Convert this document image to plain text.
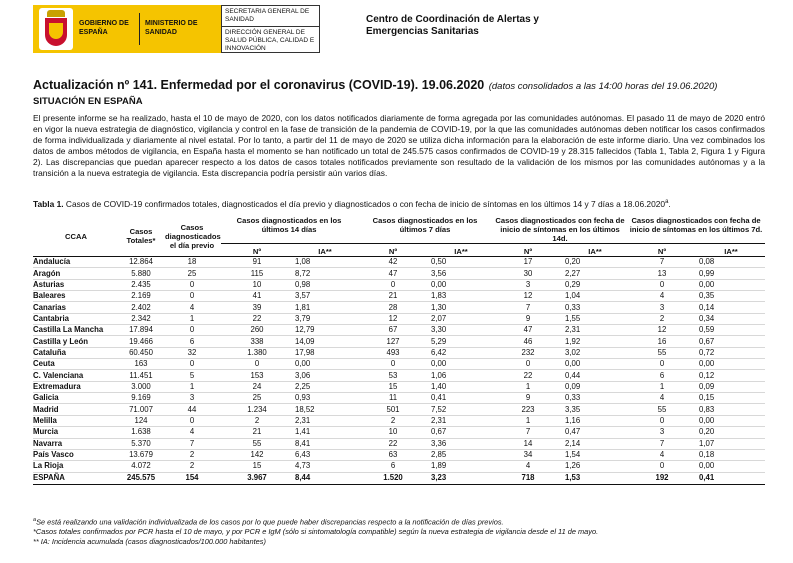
GOBIERNO DE ESPAÑA
MINISTERIO DE SANIDAD
SECRETARIA GENERAL DE SANIDAD
DIRECCIÓN GENERAL DE SALUD PÚBLICA, CALIDAD E INNOVACIÓN
Centro de Coordinación de Alertas y Emergencias Sanitarias
Actualización nº 141. Enfermedad por el coronavirus (COVID-19). 19.06.2020 (datos consolidados a las 14:00 horas del 19.06.2020)
SITUACIÓN EN ESPAÑA
El presente informe se ha realizado, hasta el 10 de mayo de 2020, con los datos notificados diariamente de forma agregada por las comunidades autónomas. El pasado 11 de mayo de 2020 entró en vigor la nueva estrategia de diagnóstico, vigilancia y control en la fase de transición de la pandemia de COVID-19, por la que las comunidades autónomas deben notificar los casos confirmados de forma individualizada y diariamente al nivel estatal. Por lo tanto, a partir del 11 de mayo de 2020 se utiliza dicha información para la elaboración de este informe diario. Una vez combinados los datos de ambos métodos de vigilancia, en España hasta el momento se han notificado un total de 245.575 casos confirmados de COVID-19 y 28.315 fallecidos (Tabla 1, Tabla 2, Figura 1 y Figura 2). Las discrepancias que puedan aparecer respecto a los datos de casos totales notificados previamente son resultado de la validación de los mismos por las comunidades autónomas y a la transición a la nueva estrategia de vigilancia. Esta discrepancia podría persistir aún varios días.
Tabla 1. Casos de COVID-19 confirmados totales, diagnosticados el día previo y diagnosticados o con fecha de inicio de síntomas en los últimos 14 y 7 días a 18.06.2020$^a$.
CCAA	Casos Totales*	Casos diagnosticados el día previo	Casos diagnosticados en los últimos 14 días		Casos diagnosticados en los últimos 7 días		Casos diagnosticados con fecha de inicio de síntomas en los últimos 14d.		Casos diagnosticados con fecha de inicio de síntomas en los últimos 7d.	
			Nº	IA**	Nº	IA**	Nº	IA**	Nº	IA**
Andalucía	12.864	18	91	1,08	42	0,50	17	0,20	7	0,08
Aragón	5.880	25	115	8,72	47	3,56	30	2,27	13	0,99
Asturias	2.435	0	10	0,98	0	0,00	3	0,29	0	0,00
Baleares	2.169	0	41	3,57	21	1,83	12	1,04	4	0,35
Canarias	2.402	4	39	1,81	28	1,30	7	0,33	3	0,14
Cantabria	2.342	1	22	3,79	12	2,07	9	1,55	2	0,34
Castilla La Mancha	17.894	0	260	12,79	67	3,30	47	2,31	12	0,59
Castilla y León	19.466	6	338	14,09	127	5,29	46	1,92	16	0,67
Cataluña	60.450	32	1.380	17,98	493	6,42	232	3,02	55	0,72
Ceuta	163	0	0	0,00	0	0,00	0	0,00	0	0,00
C. Valenciana	11.451	5	153	3,06	53	1,06	22	0,44	6	0,12
Extremadura	3.000	1	24	2,25	15	1,40	1	0,09	1	0,09
Galicia	9.169	3	25	0,93	11	0,41	9	0,33	4	0,15
Madrid	71.007	44	1.234	18,52	501	7,52	223	3,35	55	0,83
Melilla	124	0	2	2,31	2	2,31	1	1,16	0	0,00
Murcia	1.638	4	21	1,41	10	0,67	7	0,47	3	0,20
Navarra	5.370	7	55	8,41	22	3,36	14	2,14	7	1,07
País Vasco	13.679	2	142	6,43	63	2,85	34	1,54	4	0,18
La Rioja	4.072	2	15	4,73	6	1,89	4	1,26	0	0,00
ESPAÑA	245.575	154	3.967	8,44	1.520	3,23	718	1,53	192	0,41
$^a$Se está realizando una validación individualizada de los casos por lo que puede haber discrepancias respecto a la notificación de días previos.
*Casos totales confirmados por PCR hasta el 10 de mayo, y por PCR e IgM (sólo si sintomatología compatible) según la nueva estrategia de vigilancia desde el 11 de mayo.
** IA: Incidencia acumulada (casos diagnosticados/100.000 habitantes)
